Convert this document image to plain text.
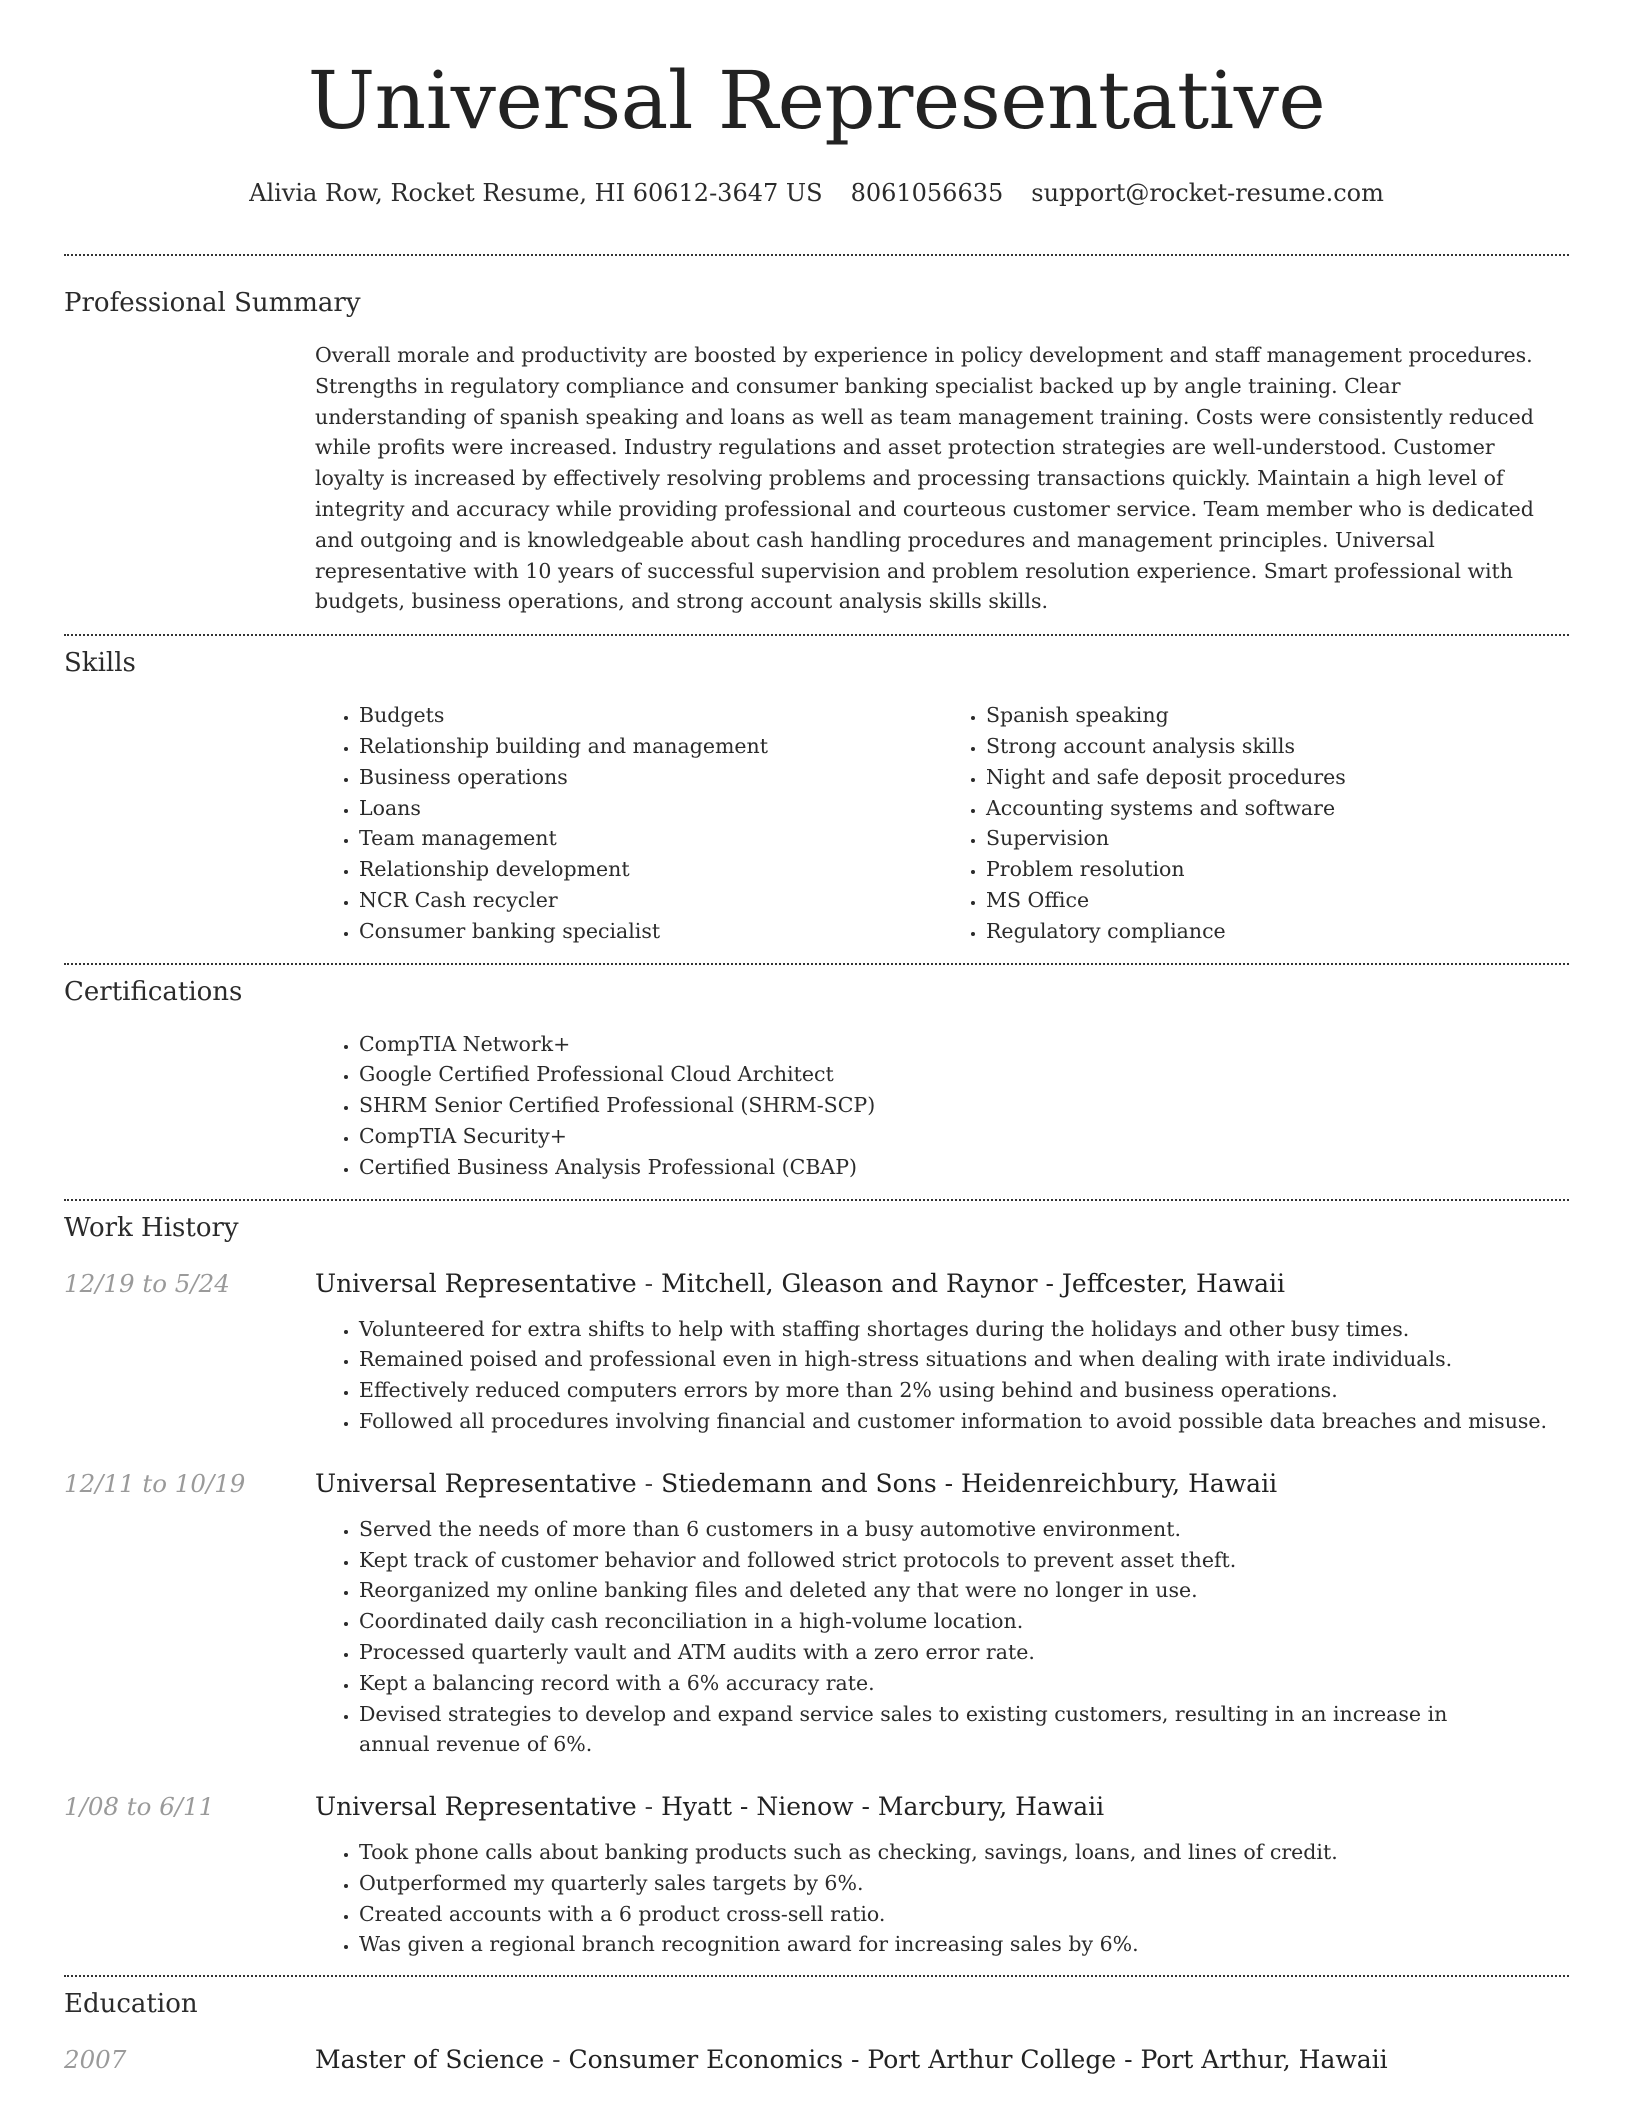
Universal Representative
Alivia Row, Rocket Resume, HI 60612-3647 US 8061056635 support@rocket-resume.com
Professional Summary

Overall morale and productivity are boosted by experience in policy development and staff management procedures. Strengths in regulatory compliance and consumer banking specialist backed up by angle training. Clear understanding of spanish speaking and loans as well as team management training. Costs were consistently reduced while profits were increased. Industry regulations and asset protection strategies are well-understood. Customer loyalty is increased by effectively resolving problems and processing transactions quickly. Maintain a high level of integrity and accuracy while providing professional and courteous customer service. Team member who is dedicated and outgoing and is knowledgeable about cash handling procedures and management principles. Universal representative with 10 years of successful supervision and problem resolution experience. Smart professional with budgets, business operations, and strong account analysis skills skills.

Skills
• Budgets
• Relationship building and management
• Business operations
• Loans
• Team management
• Relationship development
• NCR Cash recycler
• Consumer banking specialist
• Spanish speaking
• Strong account analysis skills
• Night and safe deposit procedures
• Accounting systems and software
• Supervision
• Problem resolution
• MS Office
• Regulatory compliance
Certifications
• CompTIA Network+
• Google Certified Professional Cloud Architect
• SHRM Senior Certified Professional (SHRM-SCP)
• CompTIA Security+
• Certified Business Analysis Professional (CBAP)
Work History
12/19 to 5/24	Universal Representative - Mitchell, Gleason and Raynor - Jeffcester, Hawaii
• Volunteered for extra shifts to help with staffing shortages during the holidays and other busy times.
• Remained poised and professional even in high-stress situations and when dealing with irate individuals.
• Effectively reduced computers errors by more than 2% using behind and business operations.
• Followed all procedures involving financial and customer information to avoid possible data breaches and misuse.
12/11 to 10/19	Universal Representative - Stiedemann and Sons - Heidenreichbury, Hawaii
• Served the needs of more than 6 customers in a busy automotive environment.
• Kept track of customer behavior and followed strict protocols to prevent asset theft.
• Reorganized my online banking files and deleted any that were no longer in use.
• Coordinated daily cash reconciliation in a high-volume location.
• Processed quarterly vault and ATM audits with a zero error rate.
• Kept a balancing record with a 6% accuracy rate.
• Devised strategies to develop and expand service sales to existing customers, resulting in an increase in annual revenue of 6%.
1/08 to 6/11	Universal Representative - Hyatt - Nienow - Marcbury, Hawaii
• Took phone calls about banking products such as checking, savings, loans, and lines of credit.
• Outperformed my quarterly sales targets by 6%.
• Created accounts with a 6 product cross-sell ratio.
• Was given a regional branch recognition award for increasing sales by 6%.
Education
2007	Master of Science - Consumer Economics - Port Arthur College - Port Arthur, Hawaii
